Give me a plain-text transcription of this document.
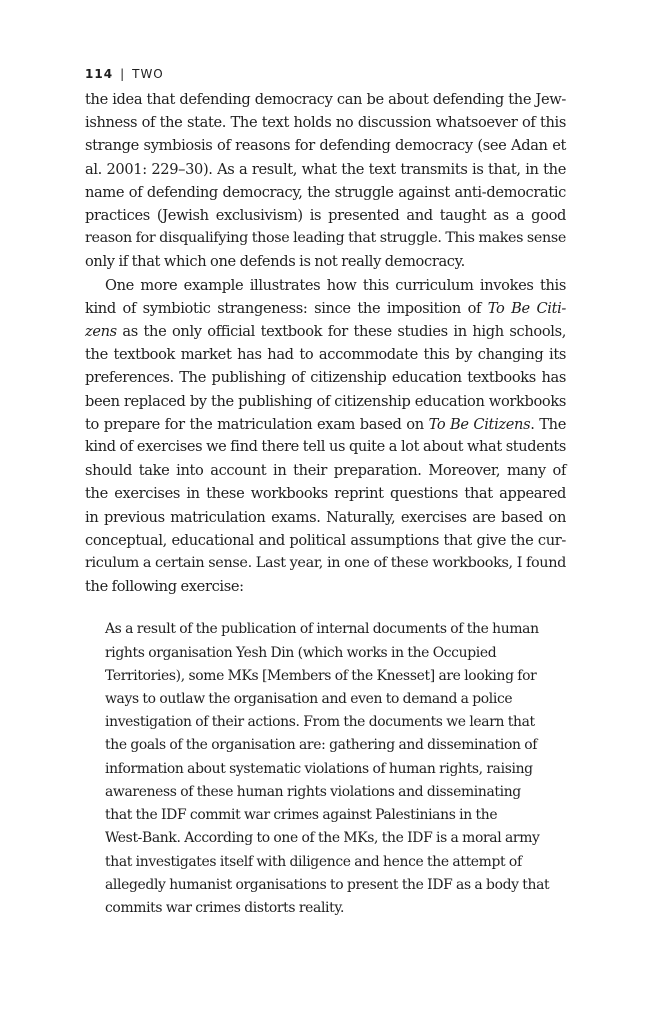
114 | TWO

the idea that defending democracy can be about defending the Jew-
ishness of the state. The text holds no discussion whatsoever of this
strange symbiosis of reasons for defending democracy (see Adan et
al. 2001: 229–30). As a result, what the text transmits is that, in the
name of defending democracy, the struggle against anti-democratic
practices (Jewish exclusivism) is presented and taught as a good
reason for disqualifying those leading that struggle. This makes sense
only if that which one defends is not really democracy.

One more example illustrates how this curriculum invokes this
kind of symbiotic strangeness: since the imposition of To Be Citi-
zens as the only official textbook for these studies in high schools,
the textbook market has had to accommodate this by changing its
preferences. The publishing of citizenship education textbooks has
been replaced by the publishing of citizenship education workbooks
to prepare for the matriculation exam based on To Be Citizens. The
kind of exercises we find there tell us quite a lot about what students
should take into account in their preparation. Moreover, many of
the exercises in these workbooks reprint questions that appeared
in previous matriculation exams. Naturally, exercises are based on
conceptual, educational and political assumptions that give the cur-
riculum a certain sense. Last year, in one of these workbooks, I found
the following exercise:

As a result of the publication of internal documents of the human
rights organisation Yesh Din (which works in the Occupied
Territories), some MKs [Members of the Knesset] are looking for
ways to outlaw the organisation and even to demand a police
investigation of their actions. From the documents we learn that
the goals of the organisation are: gathering and dissemination of
information about systematic violations of human rights, raising
awareness of these human rights violations and disseminating
that the IDF commit war crimes against Palestinians in the
West-Bank. According to one of the MKs, the IDF is a moral army
that investigates itself with diligence and hence the attempt of
allegedly humanist organisations to present the IDF as a body that
commits war crimes distorts reality.
